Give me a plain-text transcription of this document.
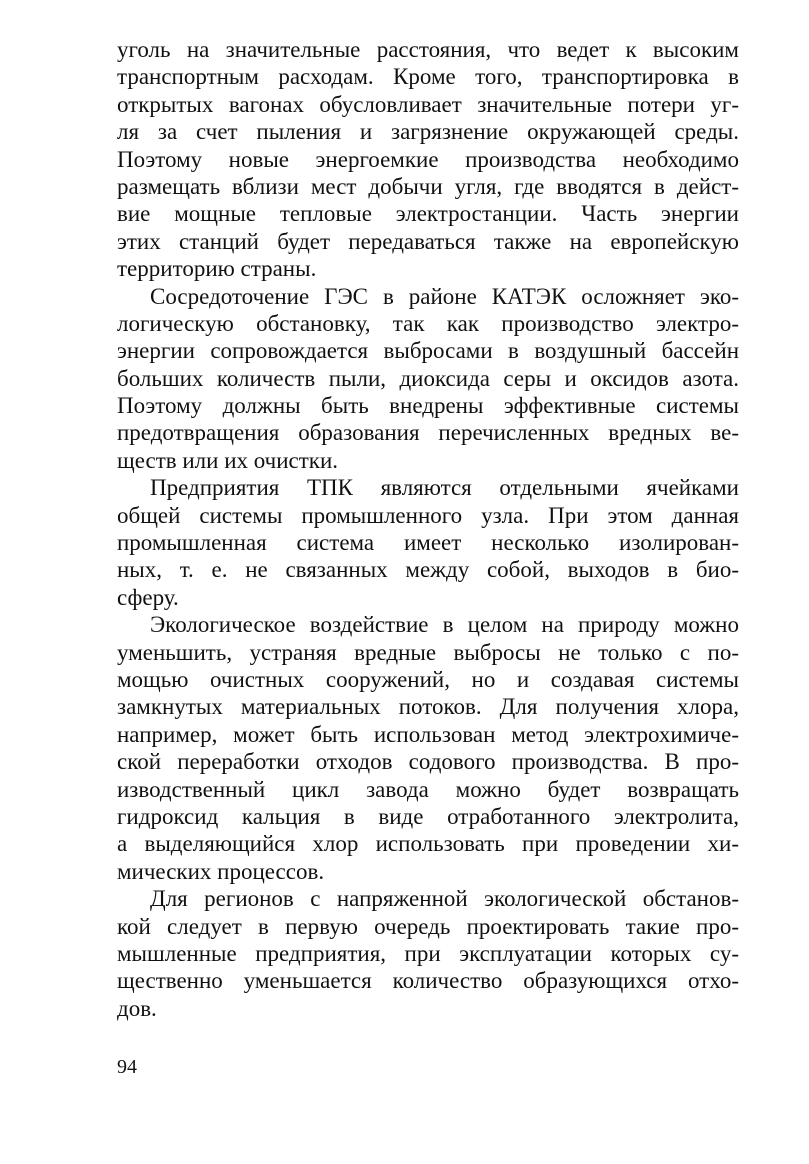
уголь на значительные расстояния, что ведет к высоким
транспортным расходам. Кроме того, транспортировка в
открытых вагонах обусловливает значительные потери уг-
ля за счет пыления и загрязнение окружающей среды.
Поэтому новые энергоемкие производства необходимо
размещать вблизи мест добычи угля, где вводятся в дейст-
вие мощные тепловые электростанции. Часть энергии
этих станций будет передаваться также на европейскую
территорию страны.
Сосредоточение ГЭС в районе КАТЭК осложняет эко-
логическую обстановку, так как производство электро-
энергии сопровождается выбросами в воздушный бассейн
больших количеств пыли, диоксида серы и оксидов азота.
Поэтому должны быть внедрены эффективные системы
предотвращения образования перечисленных вредных ве-
ществ или их очистки.
Предприятия ТПК являются отдельными ячейками
общей системы промышленного узла. При этом данная
промышленная система имеет несколько изолирован-
ных, т. е. не связанных между собой, выходов в био-
сферу.
Экологическое воздействие в целом на природу можно
уменьшить, устраняя вредные выбросы не только с по-
мощью очистных сооружений, но и создавая системы
замкнутых материальных потоков. Для получения хлора,
например, может быть использован метод электрохимиче-
ской переработки отходов содового производства. В про-
изводственный цикл завода можно будет возвращать
гидроксид кальция в виде отработанного электролита,
а выделяющийся хлор использовать при проведении хи-
мических процессов.
Для регионов с напряженной экологической обстанов-
кой следует в первую очередь проектировать такие про-
мышленные предприятия, при эксплуатации которых су-
щественно уменьшается количество образующихся отхо-
дов.
94
